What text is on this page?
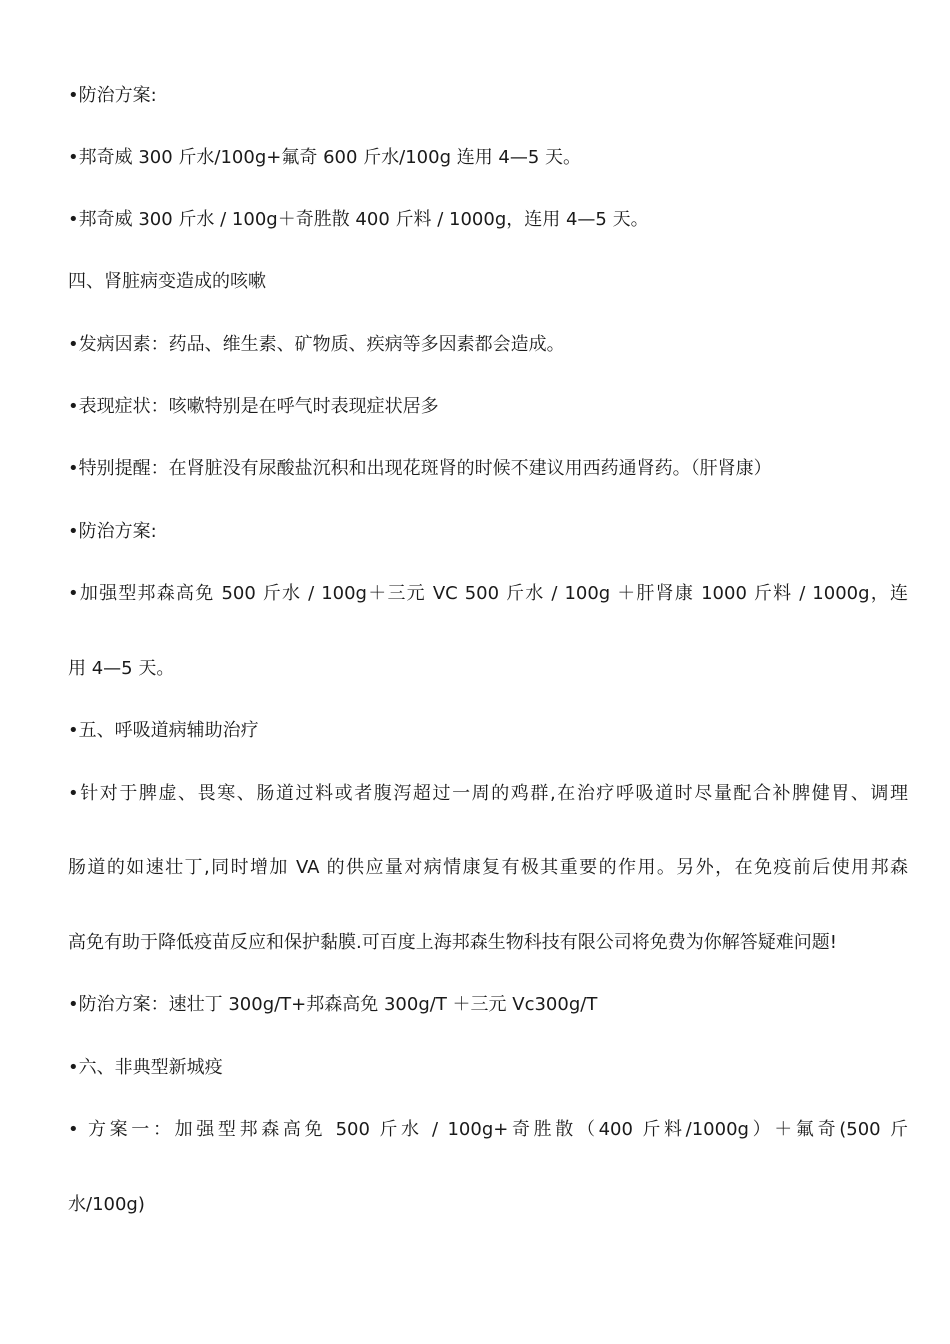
•防治方案:
•邦奇威 300 斤水/100g+氟奇 600 斤水/100g 连用 4—5 天。
•邦奇威 300 斤水 / 100g＋奇胜散 400 斤料 / 1000g，连用 4—5 天。
四、肾脏病变造成的咳嗽
•发病因素：药品、维生素、矿物质、疾病等多因素都会造成。
•表现症状：咳嗽特别是在呼气时表现症状居多
•特别提醒：在肾脏没有尿酸盐沉积和出现花斑肾的时候不建议用西药通肾药。（肝肾康）
•防治方案:
•加强型邦森高免 500 斤水 / 100g＋三元 VC 500 斤水 / 100g ＋肝肾康 1000 斤料 / 1000g，连
用 4—5 天。
•五、呼吸道病辅助治疗
•针对于脾虚、畏寒、肠道过料或者腹泻超过一周的鸡群,在治疗呼吸道时尽量配合补脾健胃、调理
肠道的如速壮丁,同时增加 VA 的供应量对病情康复有极其重要的作用。另外，在免疫前后使用邦森
高免有助于降低疫苗反应和保护黏膜.可百度上海邦森生物科技有限公司将免费为你解答疑难问题!
•防治方案：速壮丁 300g/T+邦森高免 300g/T ＋三元 Vc300g/T
•六、非典型新城疫
• 方案一：加强型邦森高免 500 斤水 / 100g+奇胜散（400 斤料/1000g）＋氟奇(500 斤
水/100g)
